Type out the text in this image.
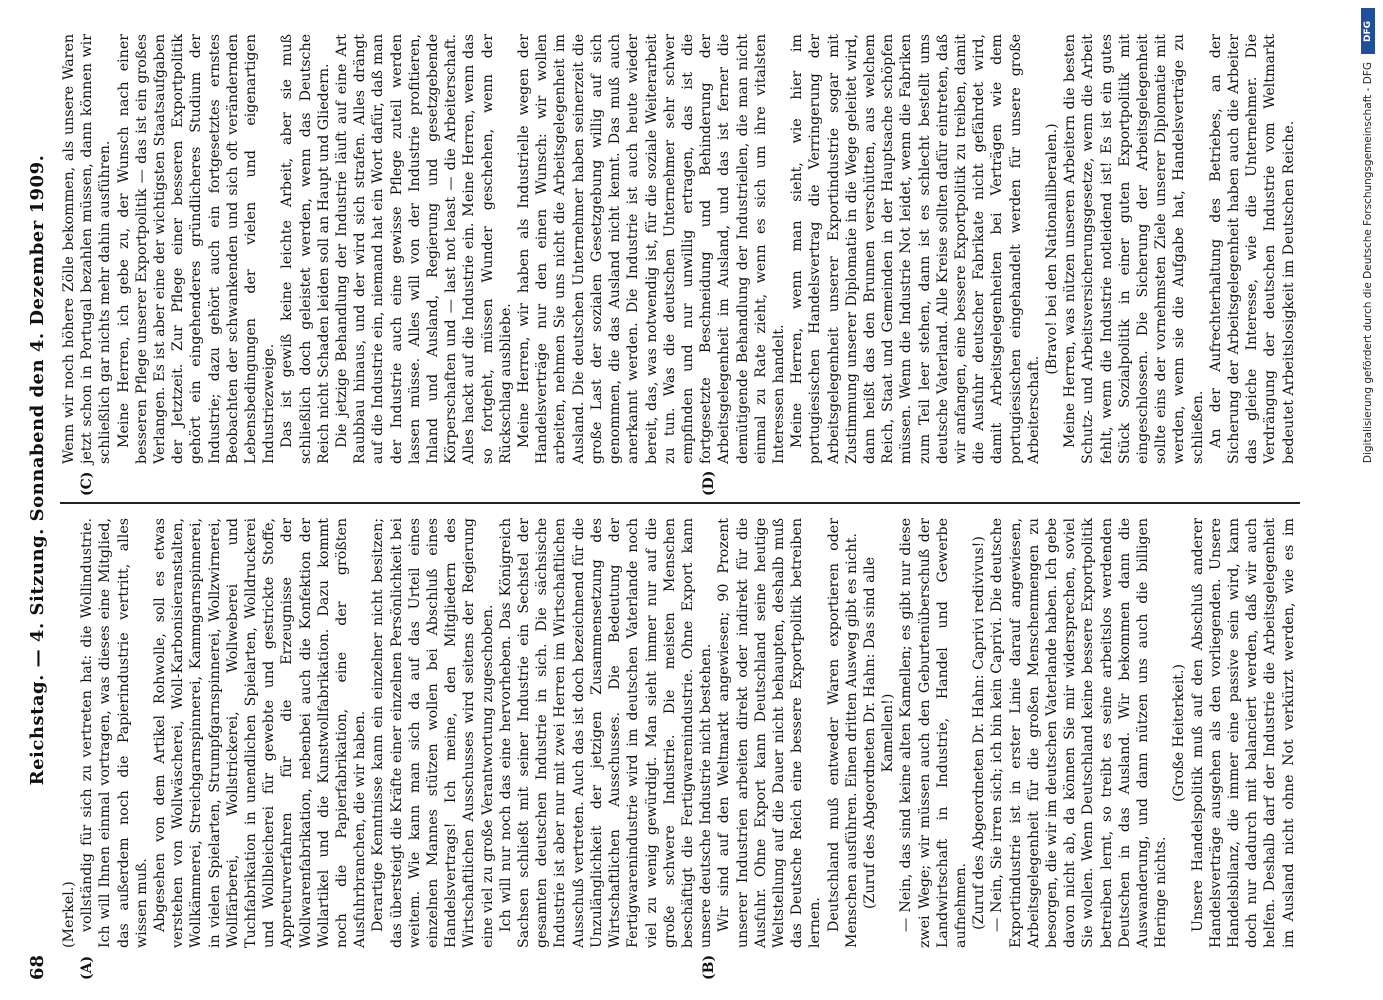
68
Reichstag. — 4. Sitzung. Sonnabend den 4. Dezember 1909.
(A)	(B)

(Merkel.) vollständig für sich zu vertreten hat: die Wollindustrie. Ich will Ihnen einmal vortragen, was dieses eine Mitglied, das außerdem noch die Papierindustrie vertritt, alles wissen muß. Abgesehen von dem Artikel Rohwolle, soll es etwas verstehen von Wollwäscherei, Woll-Karbonisieranstalten, Wollkämmerei, Streichgarnspinnerei, Kammgarnspinnerei, in vielen Spielarten, Strumpfgarnspinnerei, Wollzwirnerei, Wollfärberei, Wollstrickerei, Wollweberei und Tuchfabrikation in unendlichen Spielarten, Wolldruckerei und Wollbleicherei für gewebte und gestrickte Stoffe, Appreturverfahren für die Erzeugnisse der Wollwarenfabrikation, nebenbei auch die Konfektion der Wollartikel und die Kunstwollfabrikation. Dazu kommt noch die Papierfabrikation, eine der größten Ausfuhrbranchen, die wir haben. Derartige Kenntnisse kann ein einzelner nicht besitzen; das übersteigt die Kräfte einer einzelnen Persönlichkeit bei weitem. Wie kann man sich da auf das Urteil eines einzelnen Mannes stützen wollen bei Abschluß eines Handelsvertrags! Ich meine, den Mitgliedern des Wirtschaftlichen Ausschusses wird seitens der Regierung eine viel zu große Verantwortung zugeschoben. Ich will nur noch das eine hervorheben. Das Königreich Sachsen schließt mit seiner Industrie ein Sechstel der gesamten deutschen Industrie in sich. Die sächsische Industrie ist aber nur mit zwei Herren im Wirtschaftlichen Ausschuß vertreten. Auch das ist doch bezeichnend für die Unzulänglichkeit der jetzigen Zusammensetzung des Wirtschaftlichen Ausschusses. Die Bedeutung der Fertigwarenindustrie wird im deutschen Vaterlande noch viel zu wenig gewürdigt. Man sieht immer nur auf die große schwere Industrie. Die meisten Menschen beschäftigt die Fertigwarenindustrie. Ohne Export kann unsere deutsche Industrie nicht bestehen. Wir sind auf den Weltmarkt angewiesen; 90 Prozent unserer Industrien arbeiten direkt oder indirekt für die Ausfuhr. Ohne Export kann Deutschland seine heutige Weltstellung auf die Dauer nicht behaupten, deshalb muß das Deutsche Reich eine bessere Exportpolitik betreiben lernen. Deutschland muß entweder Waren exportieren oder Menschen ausführen. Einen dritten Ausweg gibt es nicht. (Zuruf des Abgeordneten Dr. Hahn: Das sind alle Kamellen!) — Nein, das sind keine alten Kamellen; es gibt nur diese zwei Wege; wir müssen auch den Geburtenüberschuß der Landwirtschaft in Industrie, Handel und Gewerbe aufnehmen. (Zuruf des Abgeordneten Dr. Hahn: Caprivi redivivus!) — Nein, Sie irren sich; ich bin kein Caprivi. Die deutsche Exportindustrie ist in erster Linie darauf angewiesen, Arbeitsgelegenheit für die großen Menschenmengen zu besorgen, die wir im deutschen Vaterlande haben. Ich gebe davon nicht ab, da können Sie mir widersprechen, soviel Sie wollen. Wenn Deutschland keine bessere Exportpolitik betreiben lernt, so treibt es seine arbeitslos werdenden Deutschen in das Ausland. Wir bekommen dann die Auswanderung, und dann nützen uns auch die billigen Heringe nichts.

(Große Heiterkeit.)

Unsere Handelspolitik muß auf den Abschluß anderer Handelsverträge ausgehen als den vorliegenden. Unsere Handelsbilanz, die immer eine passive sein wird, kann doch nur dadurch mit balanciert werden, daß wir auch helfen. Deshalb darf der Industrie die Arbeitsgelegenheit im Ausland nicht ohne Not verkürzt werden, wie es im

(C)	(D)

Wenn wir noch höhere Zölle bekommen, als unsere Waren jetzt schon in Portugal bezahlen müssen, dann können wir schließlich gar nichts mehr dahin ausführen. Meine Herren, ich gebe zu, der Wunsch nach einer besseren Pflege unserer Exportpolitik — das ist ein großes Verlangen. Es ist aber eine der wichtigsten Staatsaufgaben der Jetztzeit. Zur Pflege einer besseren Exportpolitik gehört ein eingehenderes gründlicheres Studium der Industrie; dazu gehört auch ein fortgesetztes ernstes Beobachten der schwankenden und sich oft verändernden Lebensbedingungen der vielen und eigenartigen Industriezweige. Das ist gewiß keine leichte Arbeit, aber sie muß schließlich doch geleistet werden, wenn das Deutsche Reich nicht Schaden leiden soll an Haupt und Gliedern. Die jetzige Behandlung der Industrie läuft auf eine Art Raubbau hinaus, und der wird sich strafen. Alles drängt auf die Industrie ein, niemand hat ein Wort dafür, daß man der Industrie auch eine gewisse Pflege zuteil werden lassen müsse. Alles will von der Industrie profitieren, Inland und Ausland, Regierung und gesetzgebende Körperschaften und — last not least — die Arbeiterschaft. Alles hackt auf die Industrie ein. Meine Herren, wenn das so fortgeht, müssen Wunder geschehen, wenn der Rückschlag ausbliebe. Meine Herren, wir haben als Industrielle wegen der Handelsverträge nur den einen Wunsch: wir wollen arbeiten, nehmen Sie uns nicht die Arbeitsgelegenheit im Ausland. Die deutschen Unternehmer haben seinerzeit die große Last der sozialen Gesetzgebung willig auf sich genommen, die das Ausland nicht kennt. Das muß auch anerkannt werden. Die Industrie ist auch heute wieder bereit, das, was notwendig ist, für die soziale Weiterarbeit zu tun. Was die deutschen Unternehmer sehr schwer empfinden und nur unwillig ertragen, das ist die fortgesetzte Beschneidung und Behinderung der Arbeitsgelegenheit im Ausland, und das ist ferner die demütigende Behandlung der Industriellen, die man nicht einmal zu Rate zieht, wenn es sich um ihre vitalsten Interessen handelt. Meine Herren, wenn man sieht, wie hier im portugiesischen Handelsvertrag die Verringerung der Arbeitsgelegenheit unserer Exportindustrie sogar mit Zustimmung unserer Diplomatie in die Wege geleitet wird, dann heißt das den Brunnen verschütten, aus welchem Reich, Staat und Gemeinden in der Hauptsache schöpfen müssen. Wenn die Industrie Not leidet, wenn die Fabriken zum Teil leer stehen, dann ist es schlecht bestellt ums deutsche Vaterland. Alle Kreise sollten dafür eintreten, daß wir anfangen, eine bessere Exportpolitik zu treiben, damit die Ausfuhr deutscher Fabrikate nicht gefährdet wird, damit Arbeitsgelegenheiten bei Verträgen wie dem portugiesischen eingehandelt werden für unsere große Arbeiterschaft.

(Bravo! bei den Nationalliberalen.) Meine Herren, was nützen unseren Arbeitern die besten Schutz- und Arbeitsversicherungsgesetze, wenn die Arbeit fehlt, wenn die Industrie notleidend ist! Es ist ein gutes Stück Sozialpolitik in einer guten Exportpolitik mit eingeschlossen. Die Sicherung der Arbeitsgelegenheit sollte eins der vornehmsten Ziele unserer Diplomatie mit werden, wenn sie die Aufgabe hat, Handelsverträge zu schließen. An der Aufrechterhaltung des Betriebes, an der Sicherung der Arbeitsgelegenheit haben auch die Arbeiter das gleiche Interesse, wie die Unternehmer. Die Verdrängung der deutschen Industrie vom Weltmarkt bedeutet Arbeitslosigkeit im Deutschen Reiche.

DFG
Digitalisierung gefördert durch die Deutsche Forschungsgemeinschaft - DFG
